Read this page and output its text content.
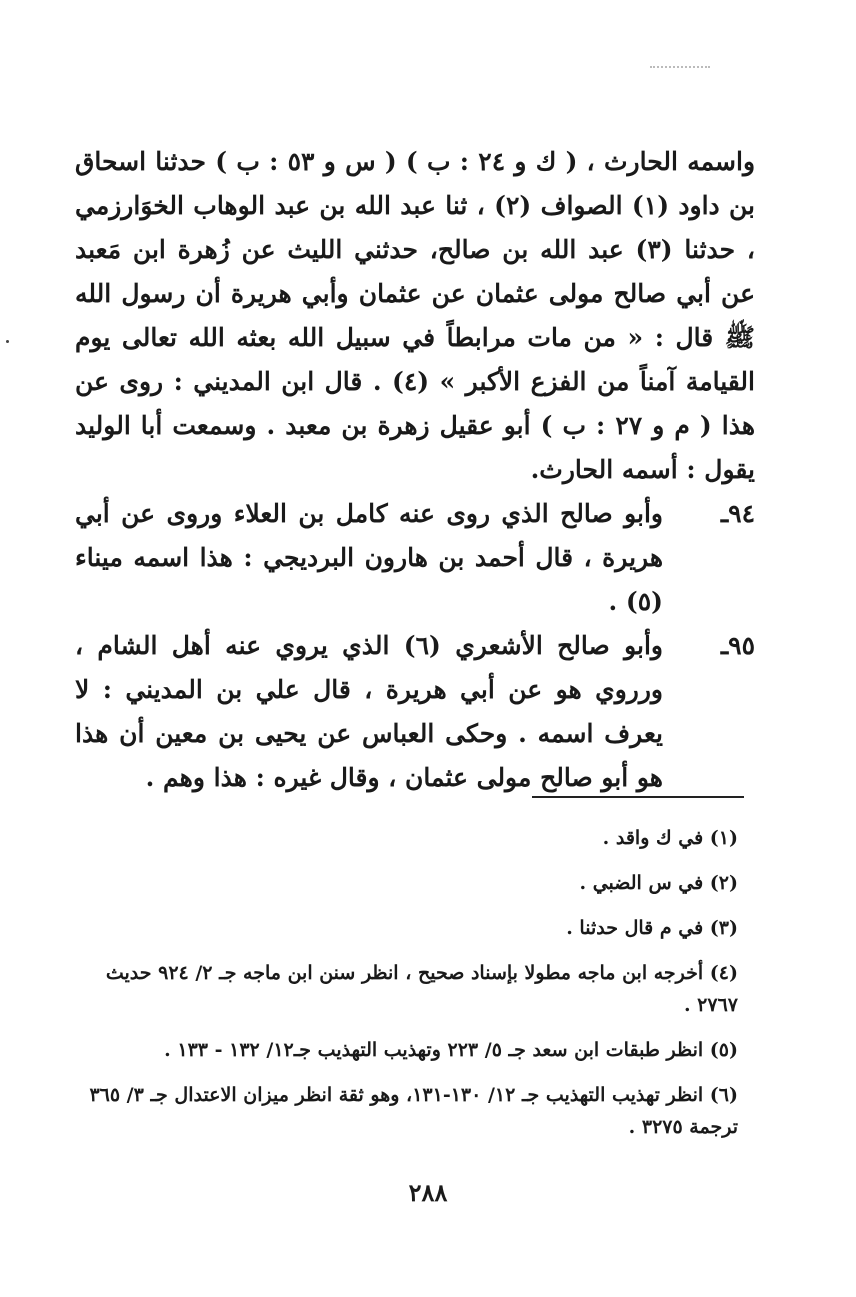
واسمه الحارث ، ( ك و ٢٤ : ب ) ( س و ٥٣ : ب ) حدثنا اسحاق بن داود (١) الصواف (٢) ، ثنا عبد الله بن عبد الوهاب الخوَارزمي ، حدثنا (٣) عبد الله بن صالح، حدثني الليث عن زُهرة ابن مَعبد عن أبي صالح مولى عثمان عن عثمان وأبي هريرة أن رسول الله ﷺ قال : « من مات مرابطاً في سبيل الله بعثه الله تعالى يوم القيامة آمناً من الفزع الأكبر » (٤) . قال ابن المديني : روى عن هذا ( م و ٢٧ : ب ) أبو عقيل زهرة بن معبد . وسمعت أبا الوليد يقول : أسمه الحارث.

٩٤ـ
وأبو صالح الذي روى عنه كامل بن العلاء وروى عن أبي هريرة ، قال أحمد بن هارون البرديجي : هذا اسمه ميناء (٥) .
٩٥ـ
وأبو صالح الأشعري (٦) الذي يروي عنه أهل الشام ، ورروي هو عن أبي هريرة ، قال علي بن المديني : لا يعرف اسمه . وحكى العباس عن يحيى بن معين أن هذا هو أبو صالح مولى عثمان ، وقال غيره : هذا وهم .

(١) في ك واقد .

(٢) في س الضبي .

(٣) في م قال حدثنا .

(٤) أخرجه ابن ماجه مطولا بإسناد صحيح ، انظر سنن ابن ماجه جـ ٢/ ٩٢٤ حديث ٢٧٦٧ .

(٥) انظر طبقات ابن سعد جـ ٥/ ٢٢٣ وتهذيب التهذيب جـ١٢/ ١٣٢ - ١٣٣ .

(٦) انظر تهذيب التهذيب جـ ١٢/ ١٣٠-١٣١، وهو ثقة انظر ميزان الاعتدال جـ ٣/ ٣٦٥ ترجمة ٣٢٧٥ .

٢٨٨
